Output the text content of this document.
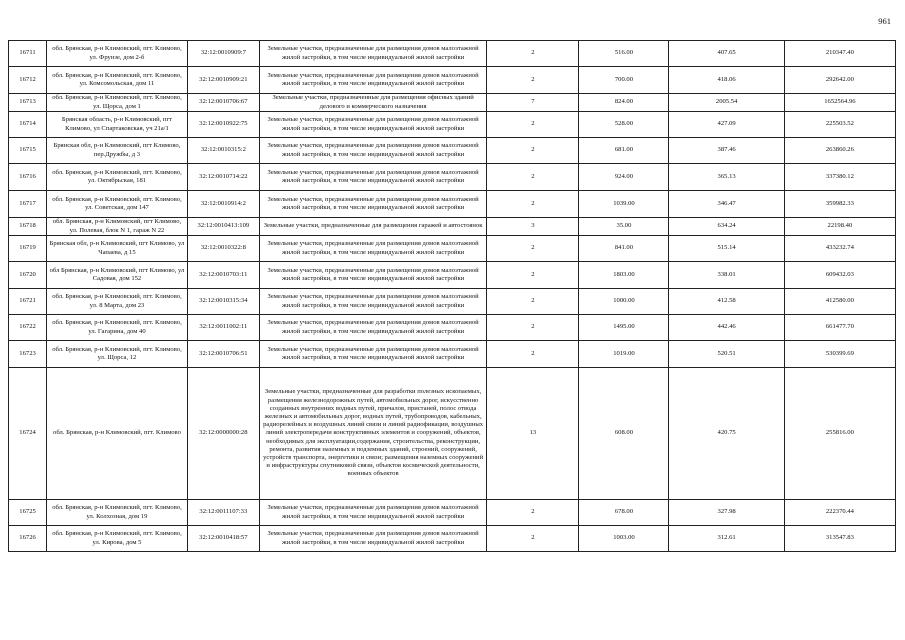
961
16711	обл. Брянская, р-н Климовский, пгт. Климово, ул. Фрунзе, дом 2-б	32:12:0010909:7	Земельные участки, предназначенные для размещения домов малоэтажной жилой застройки, в том числе индивидуальной жилой застройки	2	516.00	407.65	210347.40
16712	обл. Брянская, р-н Климовский, пгт. Климово, ул. Комсомольская, дом 11	32:12:0010909:21	Земельные участки, предназначенные для размещения домов малоэтажной жилой застройки, в том числе индивидуальной жилой застройки	2	700.00	418.06	292642.00
16713	обл. Брянская, р-н Климовский, пгт. Климово, ул. Щорса, дом 1	32:12:0010706:67	Земельные участки, предназначенные для размещения офисных зданий делового и коммерческого назначения	7	824.00	2005.54	1652564.96
16714	Брянская область, р-н Климовский, пгт Климово, ул Спартаковская, уч 21а/1	32:12:0010922:75	Земельные участки, предназначенные для размещения домов малоэтажной жилой застройки, в том числе индивидуальной жилой застройки	2	528.00	427.09	225503.52
16715	Брянская обл, р-н Климовский, пгт Климово, пер.Дружбы, д 3	32:12:0010315:2	Земельные участки, предназначенные для размещения домов малоэтажной жилой застройки, в том числе индивидуальной жилой застройки	2	681.00	387.46	263860.26
16716	обл. Брянская, р-н Климовский, пгт. Климово, ул. Октябрьская, 181	32:12:0010714:22	Земельные участки, предназначенные для размещения домов малоэтажной жилой застройки, в том числе индивидуальной жилой застройки	2	924.00	365.13	337380.12
16717	обл. Брянская, р-н Климовский, пгт. Климово, ул. Советская, дом 147	32:12:0010914:2	Земельные участки, предназначенные для размещения домов малоэтажной жилой застройки, в том числе индивидуальной жилой застройки	2	1039.00	346.47	359982.33
16718	обл. Брянская, р-н Климовский, пгт Климово, ул. Полевая, блок N 1, гараж N 22	32:12:0010413:109	Земельные участки, предназначенные для размещения гаражей и автостоянок	3	35.00	634.24	22198.40
16719	Брянская обл, р-н Климовский, пгт Климово, ул Чапаева, д 15	32:12:0010322:8	Земельные участки, предназначенные для размещения домов малоэтажной жилой застройки, в том числе индивидуальной жилой застройки	2	841.00	515.14	433232.74
16720	обл Брянская, р-н Климовский, пгт Климово, ул Садовая, дом 152	32:12:0010703:11	Земельные участки, предназначенные для размещения домов малоэтажной жилой застройки, в том числе индивидуальной жилой застройки	2	1803.00	338.01	609432.03
16721	обл. Брянская, р-н Климовский, пгт. Климово, ул. 8 Марта, дом 23	32:12:0010315:34	Земельные участки, предназначенные для размещения домов малоэтажной жилой застройки, в том числе индивидуальной жилой застройки	2	1000.00	412.58	412580.00
16722	обл. Брянская, р-н Климовский, пгт. Климово, ул. Гагарина, дом 40	32:12:0011002:11	Земельные участки, предназначенные для размещения домов малоэтажной жилой застройки, в том числе индивидуальной жилой застройки	2	1495.00	442.46	661477.70
16723	обл. Брянская, р-н Климовский, пгт. Климово, ул. Щорса, 12	32:12:0010706:51	Земельные участки, предназначенные для размещения домов малоэтажной жилой застройки, в том числе индивидуальной жилой застройки	2	1019.00	520.51	530399.69
16724	обл. Брянская, р-н Климовский, пгт. Климово	32:12:0000000:28	Земельные участки, предназначенные для разработки полезных ископаемых, размещения железнодорожных путей, автомобильных дорог, искусственно созданных внутренних водных путей, причалов, пристаней, полос отвода железных и автомобильных дорог, водных путей, трубопроводов, кабельных, радиорелейных и воздушных линий связи и линий радиофикации, воздушных линий электропередачи конструктивных элементов и сооружений, объектов, необходимых для эксплуатации,содержания, строительства, реконструкции, ремонта, развития наземных и подземных зданий, строений, сооружений, устройств транспорта, энергетики и связи; размещения наземных сооружений и инфраструктуры спутниковой связи, объектов космической деятельности, военных объектов	13	608.00	420.75	255816.00
16725	обл. Брянская, р-н Климовский, пгт. Климово, ул. Колхозная, дом 19	32:12:0011107:33	Земельные участки, предназначенные для размещения домов малоэтажной жилой застройки, в том числе индивидуальной жилой застройки	2	678.00	327.98	222370.44
16726	обл. Брянская, р-н Климовский, пгт. Климово, ул. Кирова, дом 5	32:12:0010418:57	Земельные участки, предназначенные для размещения домов малоэтажной жилой застройки, в том числе индивидуальной жилой застройки	2	1003.00	312.61	313547.83
